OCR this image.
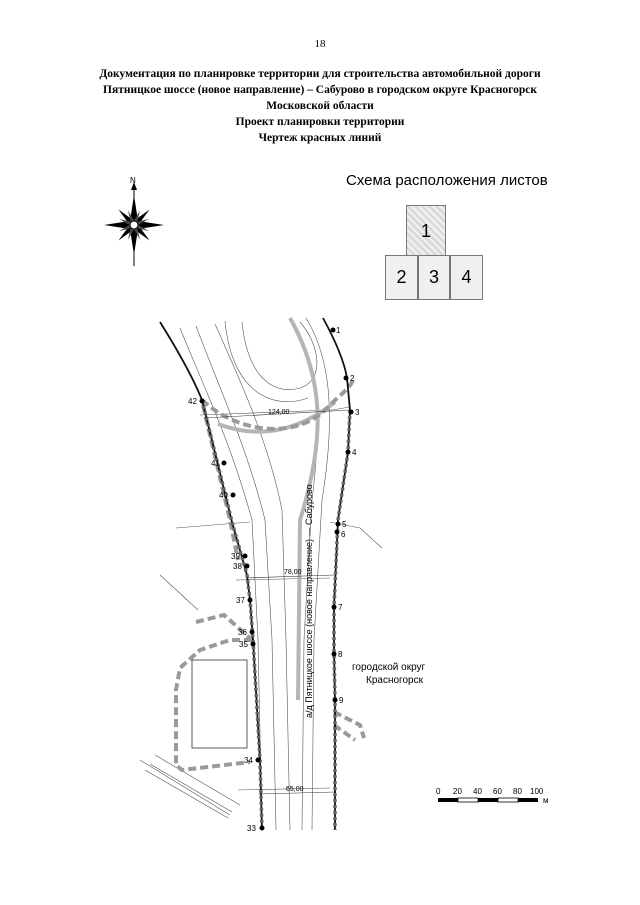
18
Документация по планировке территории для строительства автомобильной дороги
Пятницкое шоссе (новое направление) – Сабурово в городском округе Красногорск
Московской области
Проект планировки территории
Чертеж красных линий
Схема расположения листов
1
2 3 4
N
1
2
3
4
5
6
7
8
9
42
41
40
39
38
37
36
35
34
33
124,00
78,00
65,00
а/д Пятницкое шоссе (новое направление) — Сабурово	городской округ
Красногорск
0 20 40 60 80 100
м
